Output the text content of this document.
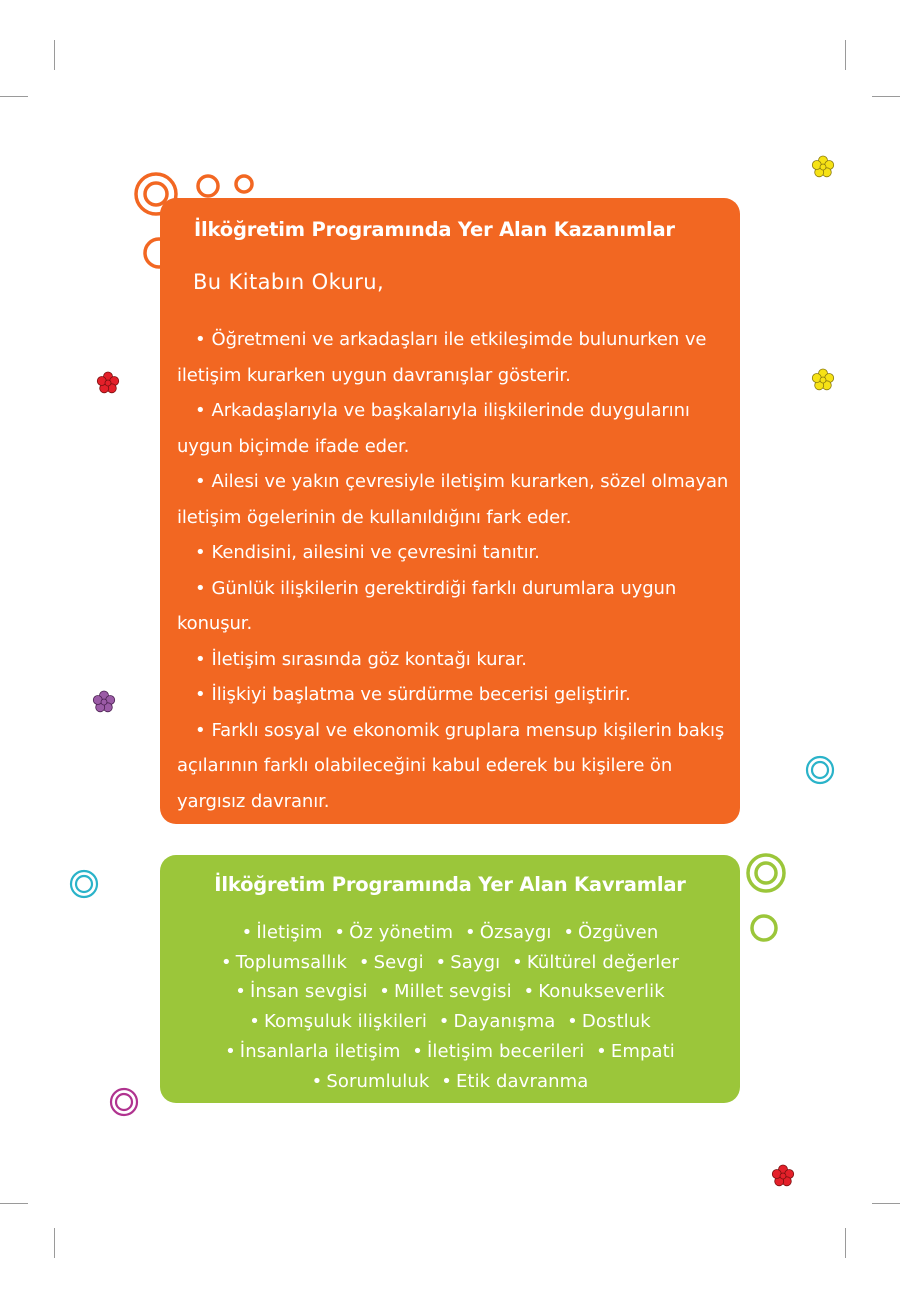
İlköğretim Programında Yer Alan Kazanımlar
Bu Kitabın Okuru,
• Öğretmeni ve arkadaşları ile etkileşimde bulunurken ve iletişim kurarken uygun davranışlar gösterir.
• Arkadaşlarıyla ve başkalarıyla ilişkilerinde duygularını uygun biçimde ifade eder.
• Ailesi ve yakın çevresiyle iletişim kurarken, sözel olmayan iletişim ögelerinin de kullanıldığını fark eder.
• Kendisini, ailesini ve çevresini tanıtır.
• Günlük ilişkilerin gerektirdiği farklı durumlara uygun konuşur.
• İletişim sırasında göz kontağı kurar.
• İlişkiyi başlatma ve sürdürme becerisi geliştirir.
• Farklı sosyal ve ekonomik gruplara mensup kişilerin bakış açılarının farklı olabileceğini kabul ederek bu kişilere ön yargısız davranır.
İlköğretim Programında Yer Alan Kavramlar
• İletişim • Öz yönetim • Özsaygı • Özgüven
• Toplumsallık • Sevgi • Saygı • Kültürel değerler
• İnsan sevgisi • Millet sevgisi • Konukseverlik
• Komşuluk ilişkileri • Dayanışma • Dostluk
• İnsanlarla iletişim • İletişim becerileri • Empati
• Sorumluluk • Etik davranma
